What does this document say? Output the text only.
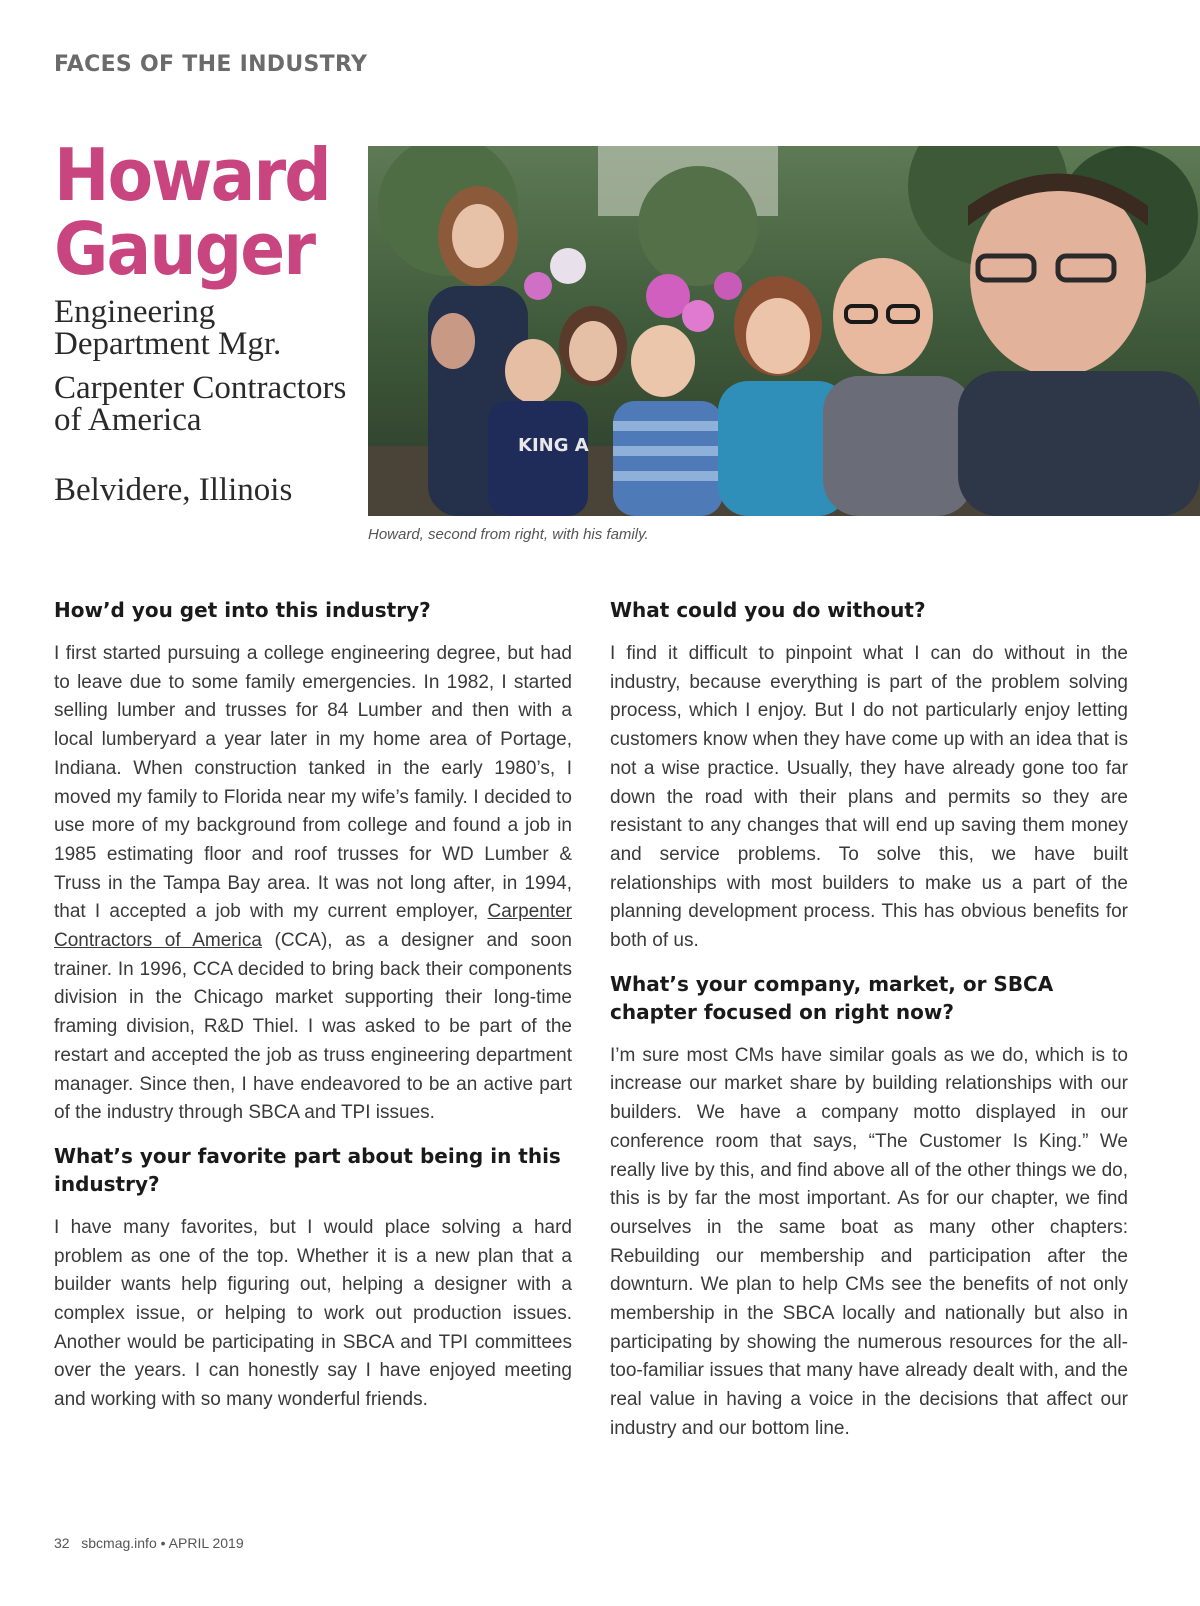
FACES OF THE INDUSTRY
Howard
Gauger
Engineering Department Mgr.
Carpenter Contractors of America
Belvidere, Illinois
KING A
Howard, second from right, with his family.

How’d you get into this industry?

I first started pursuing a college engineering degree, but had to leave due to some family emergencies. In 1982, I started selling lumber and trusses for 84 Lumber and then with a local lumberyard a year later in my home area of Portage, Indiana. When construction tanked in the early 1980’s, I moved my family to Florida near my wife’s family. I decided to use more of my background from college and found a job in 1985 estimating floor and roof trusses for WD Lumber & Truss in the Tampa Bay area. It was not long after, in 1994, that I accepted a job with my current employer, Carpenter Contractors of America (CCA), as a designer and soon trainer. In 1996, CCA decided to bring back their components division in the Chicago market supporting their long-time framing division, R&D Thiel. I was asked to be part of the restart and accepted the job as truss engineering department manager. Since then, I have endeavored to be an active part of the industry through SBCA and TPI issues.

What’s your favorite part about being in this industry?

I have many favorites, but I would place solving a hard problem as one of the top. Whether it is a new plan that a builder wants help figuring out, helping a designer with a complex issue, or helping to work out production issues. Another would be participating in SBCA and TPI committees over the years. I can honestly say I have enjoyed meeting and working with so many wonderful friends.

What could you do without?

I find it difficult to pinpoint what I can do without in the industry, because everything is part of the problem solving process, which I enjoy. But I do not particularly enjoy letting customers know when they have come up with an idea that is not a wise practice. Usually, they have already gone too far down the road with their plans and permits so they are resistant to any changes that will end up saving them money and service problems. To solve this, we have built relationships with most builders to make us a part of the planning development process. This has obvious benefits for both of us.

What’s your company, market, or SBCA chapter focused on right now?

I’m sure most CMs have similar goals as we do, which is to increase our market share by building relationships with our builders. We have a company motto displayed in our conference room that says, “The Customer Is King.” We really live by this, and find above all of the other things we do, this is by far the most important. As for our chapter, we find ourselves in the same boat as many other chapters: Rebuilding our membership and participation after the downturn. We plan to help CMs see the benefits of not only membership in the SBCA locally and nationally but also in participating by showing the numerous resources for the all-too-familiar issues that many have already dealt with, and the real value in having a voice in the decisions that affect our industry and our bottom line.

32 sbcmag.info • APRIL 2019
